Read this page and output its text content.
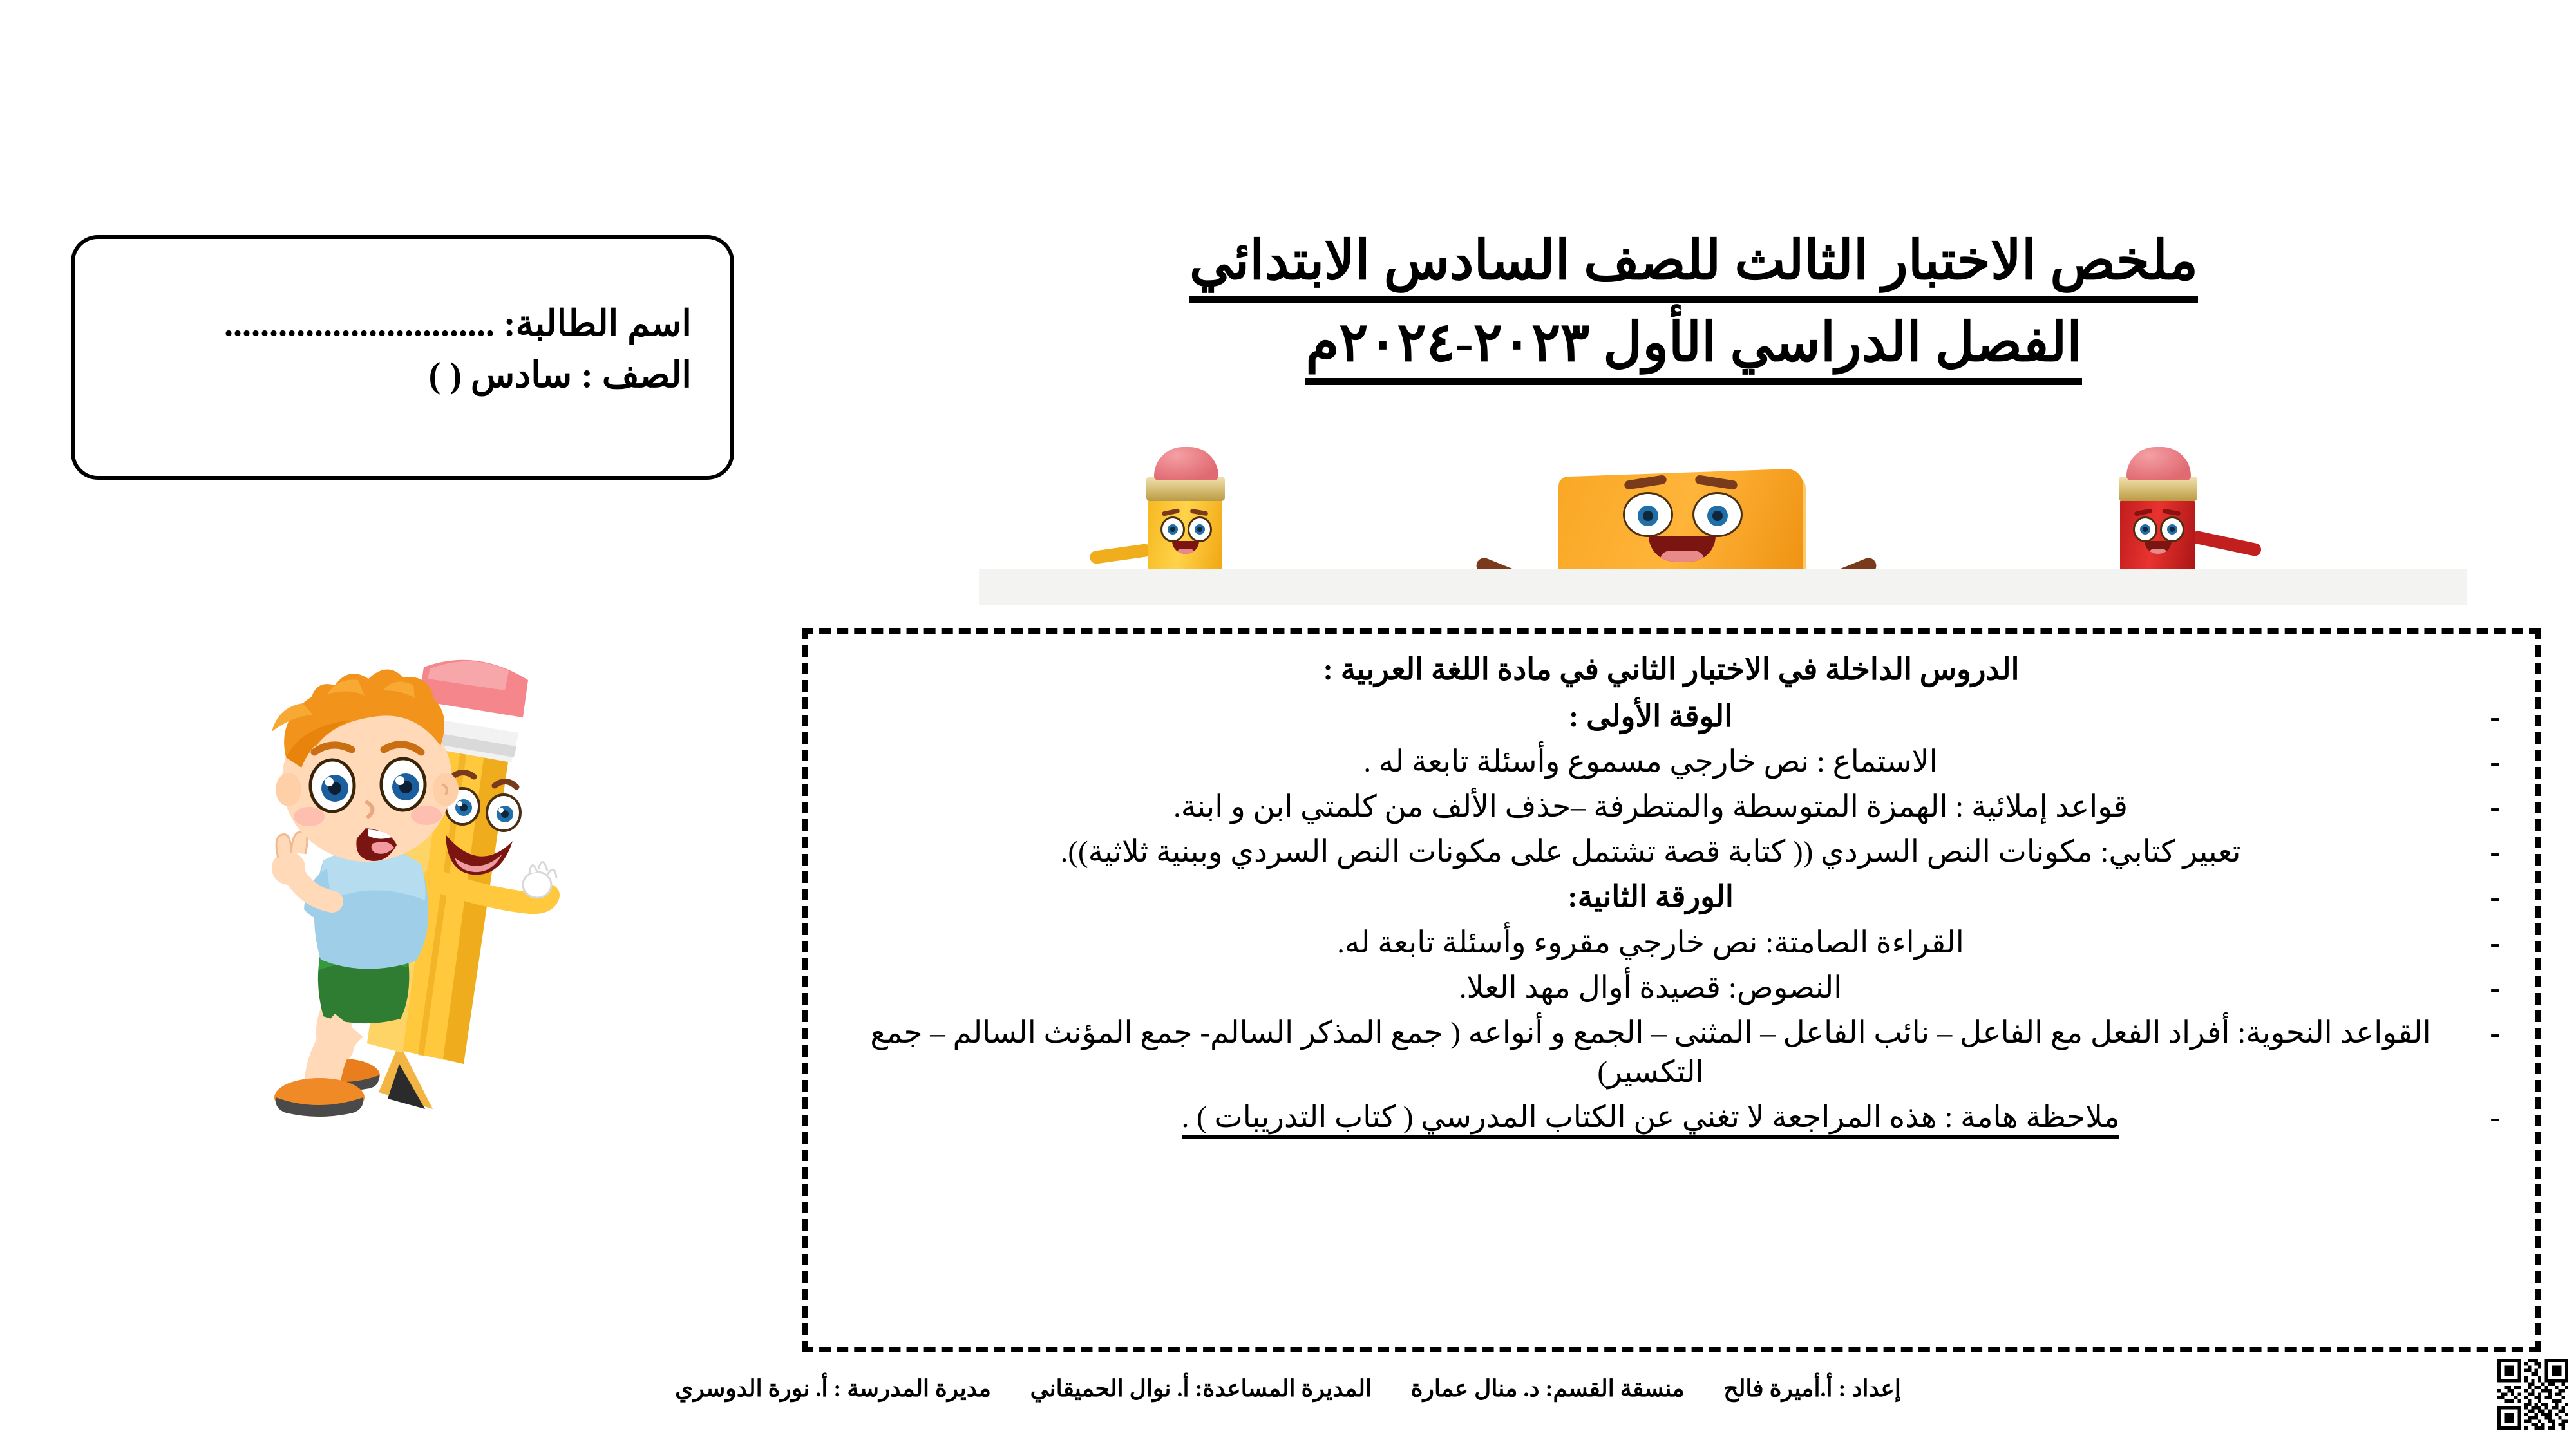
اسم الطالبة: ..............................
الصف : سادس ( )
ملخص الاختبار الثالث للصف السادس الابتدائي
الفصل الدراسي الأول ٢٠٢٣-٢٠٢٤م
الدروس الداخلة في الاختبار الثاني في مادة اللغة العربية :
-
الوقة الأولى :
-
الاستماع : نص خارجي مسموع وأسئلة تابعة له .
-
قواعد إملائية : الهمزة المتوسطة والمتطرفة –حذف الألف من كلمتي ابن و ابنة.
-
تعبير كتابي: مكونات النص السردي (( كتابة قصة تشتمل على مكونات النص السردي وببنية ثلاثية)).
-
الورقة الثانية:
-
القراءة الصامتة: نص خارجي مقروء وأسئلة تابعة له.
-
النصوص: قصيدة أوال مهد العلا.
-
القواعد النحوية: أفراد الفعل مع الفاعل – نائب الفاعل – المثنى – الجمع و أنواعه ( جمع المذكر السالم- جمع المؤنث السالم – جمع التكسير)
-
ملاحظة هامة : هذه المراجعة لا تغني عن الكتاب المدرسي ( كتاب التدريبات ) .
إعداد : أ.أميرة فالح منسقة القسم: د. منال عمارة المديرة المساعدة: أ. نوال الحميقاني مديرة المدرسة : أ. نورة الدوسري
